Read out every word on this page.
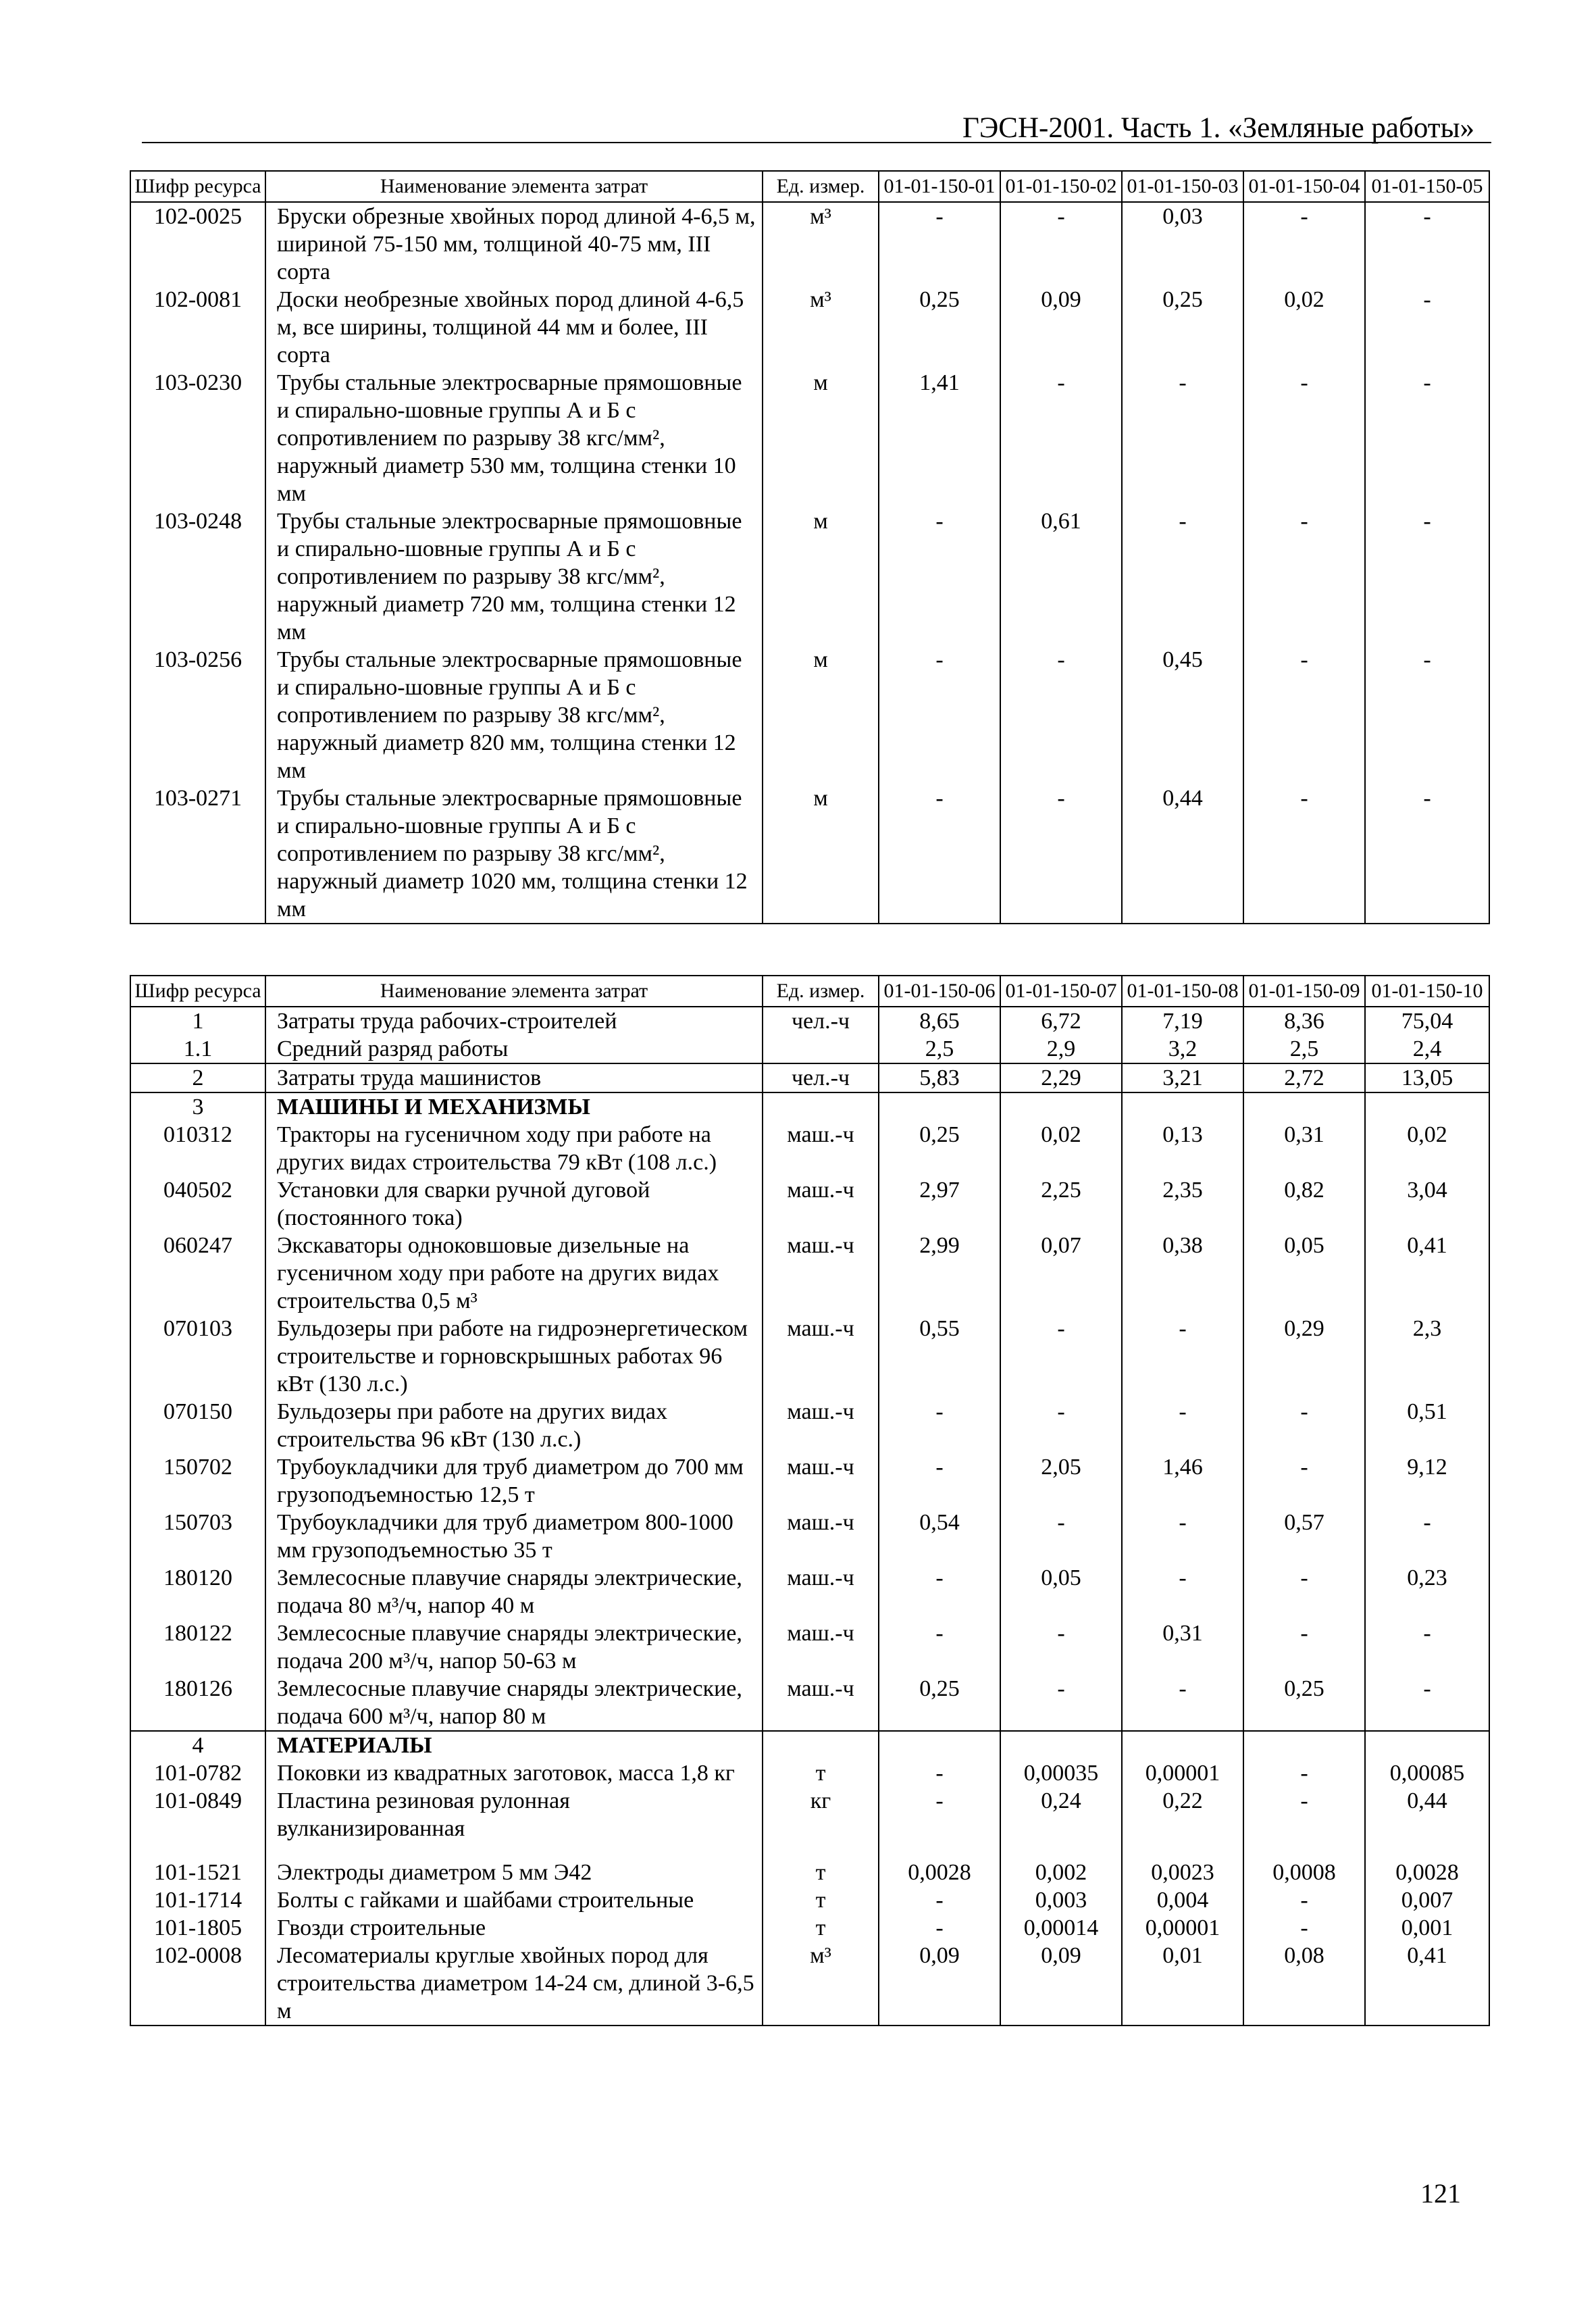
ГЭСН-2001. Часть 1. «Земляные работы»
Шифр ресурса	Наименование элемента затрат	Ед. измер.	01-01-150-01	01-01-150-02	01-01-150-03	01-01-150-04	01-01-150-05
102-0025	Бруски обрезные хвойных пород длиной 4-6,5 м, шириной 75-150 мм, толщиной 40-75 мм, III сорта	м³	-	-	0,03	-	-
102-0081	Доски необрезные хвойных пород длиной 4-6,5 м, все ширины, толщиной 44 мм и более, III сорта	м³	0,25	0,09	0,25	0,02	-
103-0230	Трубы стальные электросварные прямошовные и спирально-шовные группы А и Б с сопротивлением по разрыву 38 кгс/мм², наружный диаметр 530 мм, толщина стенки 10 мм	м	1,41	-	-	-	-
103-0248	Трубы стальные электросварные прямошовные и спирально-шовные группы А и Б с сопротивлением по разрыву 38 кгс/мм², наружный диаметр 720 мм, толщина стенки 12 мм	м	-	0,61	-	-	-
103-0256	Трубы стальные электросварные прямошовные и спирально-шовные группы А и Б с сопротивлением по разрыву 38 кгс/мм², наружный диаметр 820 мм, толщина стенки 12 мм	м	-	-	0,45	-	-
103-0271	Трубы стальные электросварные прямошовные и спирально-шовные группы А и Б с сопротивлением по разрыву 38 кгс/мм², наружный диаметр 1020 мм, толщина стенки 12 мм	м	-	-	0,44	-	-
Шифр ресурса	Наименование элемента затрат	Ед. измер.	01-01-150-06	01-01-150-07	01-01-150-08	01-01-150-09	01-01-150-10
1	Затраты труда рабочих-строителей	чел.-ч	8,65	6,72	7,19	8,36	75,04
1.1	Средний разряд работы		2,5	2,9	3,2	2,5	2,4
2	Затраты труда машинистов	чел.-ч	5,83	2,29	3,21	2,72	13,05
3	МАШИНЫ И МЕХАНИЗМЫ						
010312	Тракторы на гусеничном ходу при работе на других видах строительства 79 кВт (108 л.с.)	маш.-ч	0,25	0,02	0,13	0,31	0,02
040502	Установки для сварки ручной дуговой (постоянного тока)	маш.-ч	2,97	2,25	2,35	0,82	3,04
060247	Экскаваторы одноковшовые дизельные на гусеничном ходу при работе на других видах строительства 0,5 м³	маш.-ч	2,99	0,07	0,38	0,05	0,41
070103	Бульдозеры при работе на гидроэнергетическом строительстве и горновскрышных работах 96 кВт (130 л.с.)	маш.-ч	0,55	-	-	0,29	2,3
070150	Бульдозеры при работе на других видах строительства 96 кВт (130 л.с.)	маш.-ч	-	-	-	-	0,51
150702	Трубоукладчики для труб диаметром до 700 мм грузоподъемностью 12,5 т	маш.-ч	-	2,05	1,46	-	9,12
150703	Трубоукладчики для труб диаметром 800-1000 мм грузоподъемностью 35 т	маш.-ч	0,54	-	-	0,57	-
180120	Землесосные плавучие снаряды электрические, подача 80 м³/ч, напор 40 м	маш.-ч	-	0,05	-	-	0,23
180122	Землесосные плавучие снаряды электрические, подача 200 м³/ч, напор 50-63 м	маш.-ч	-	-	0,31	-	-
180126	Землесосные плавучие снаряды электрические, подача 600 м³/ч, напор 80 м	маш.-ч	0,25	-	-	0,25	-
4	МАТЕРИАЛЫ						
101-0782	Поковки из квадратных заготовок, масса 1,8 кг	т	-	0,00035	0,00001	-	0,00085
101-0849	Пластина резиновая рулонная вулканизированная	кг	-	0,24	0,22	-	0,44
101-1521	Электроды диаметром 5 мм Э42	т	0,0028	0,002	0,0023	0,0008	0,0028
101-1714	Болты с гайками и шайбами строительные	т	-	0,003	0,004	-	0,007
101-1805	Гвозди строительные	т	-	0,00014	0,00001	-	0,001
102-0008	Лесоматериалы круглые хвойных пород для строительства диаметром 14-24 см, длиной 3-6,5 м	м³	0,09	0,09	0,01	0,08	0,41
121
